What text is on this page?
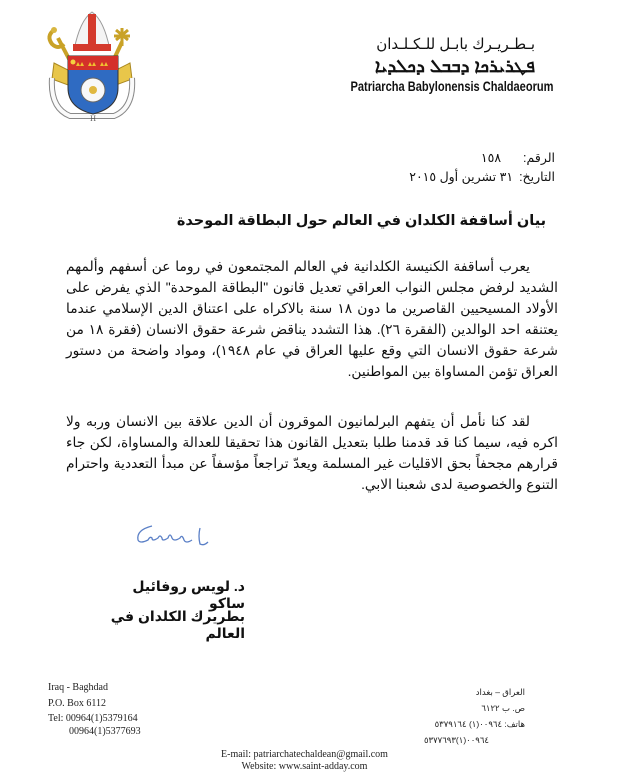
H
بـطـريـرك بابـل للـكـلـدان
ܦܛܪܝܪܟܐ ܕܒܒܠ ܕܟܠܕܝܐ
Patriarcha Babylonensis Chaldaeorum
الرقم:١٥٨
التاريخ:٣١ تشرين أول ٢٠١٥
بيان أساقفة الكلدان في العالم حول البطاقة الموحدة

يعرب أساقفة الكنيسة الكلدانية في العالم المجتمعون في روما عن أسفهم وألمهم الشديد لرفض مجلس النواب العراقي تعديل قانون "البطاقة الموحدة" الذي يفرض على الأولاد المسيحيين القاصرين ما دون ١٨ سنة بالاكراه على اعتناق الدين الإسلامي عندما يعتنقه احد الوالدين (الفقرة ٢٦). هذا التشدد يناقض شرعة حقوق الانسان (فقرة ١٨ من شرعة حقوق الانسان التي وقع عليها العراق في عام ١٩٤٨)، ومواد واضحة من دستور العراق تؤمن المساواة بين المواطنين.

لقد كنا نأمل أن يتفهم البرلمانيون الموقرون أن الدين علاقة بين الانسان وربه ولا اكره فيه، سيما كنا قد قدمنا طلبا بتعديل القانون هذا تحقيقا للعدالة والمساواة، لكن جاء قرارهم مجحفاً بحق الاقليات غير المسلمة ويعدّ تراجعاً مؤسفاً عن مبدأ التعددية واحترام التنوع والخصوصية لدى شعبنا الابي.

د. لويس روفائيل ساكو
بطريرك الكلدان في العالم
Iraq - Baghdad
P.O. Box 6112
Tel: 00964(1)5379164
00964(1)5377693
العراق – بغداد
ص. ب ٦١٢٢
هاتف: ٠٠٩٦٤(١) ٥٣٧٩١٦٤
٠٠٩٦٤(١)٥٣٧٧٦٩٣
E-mail: patriarchatechaldean@gmail.com
Website: www.saint-adday.com
